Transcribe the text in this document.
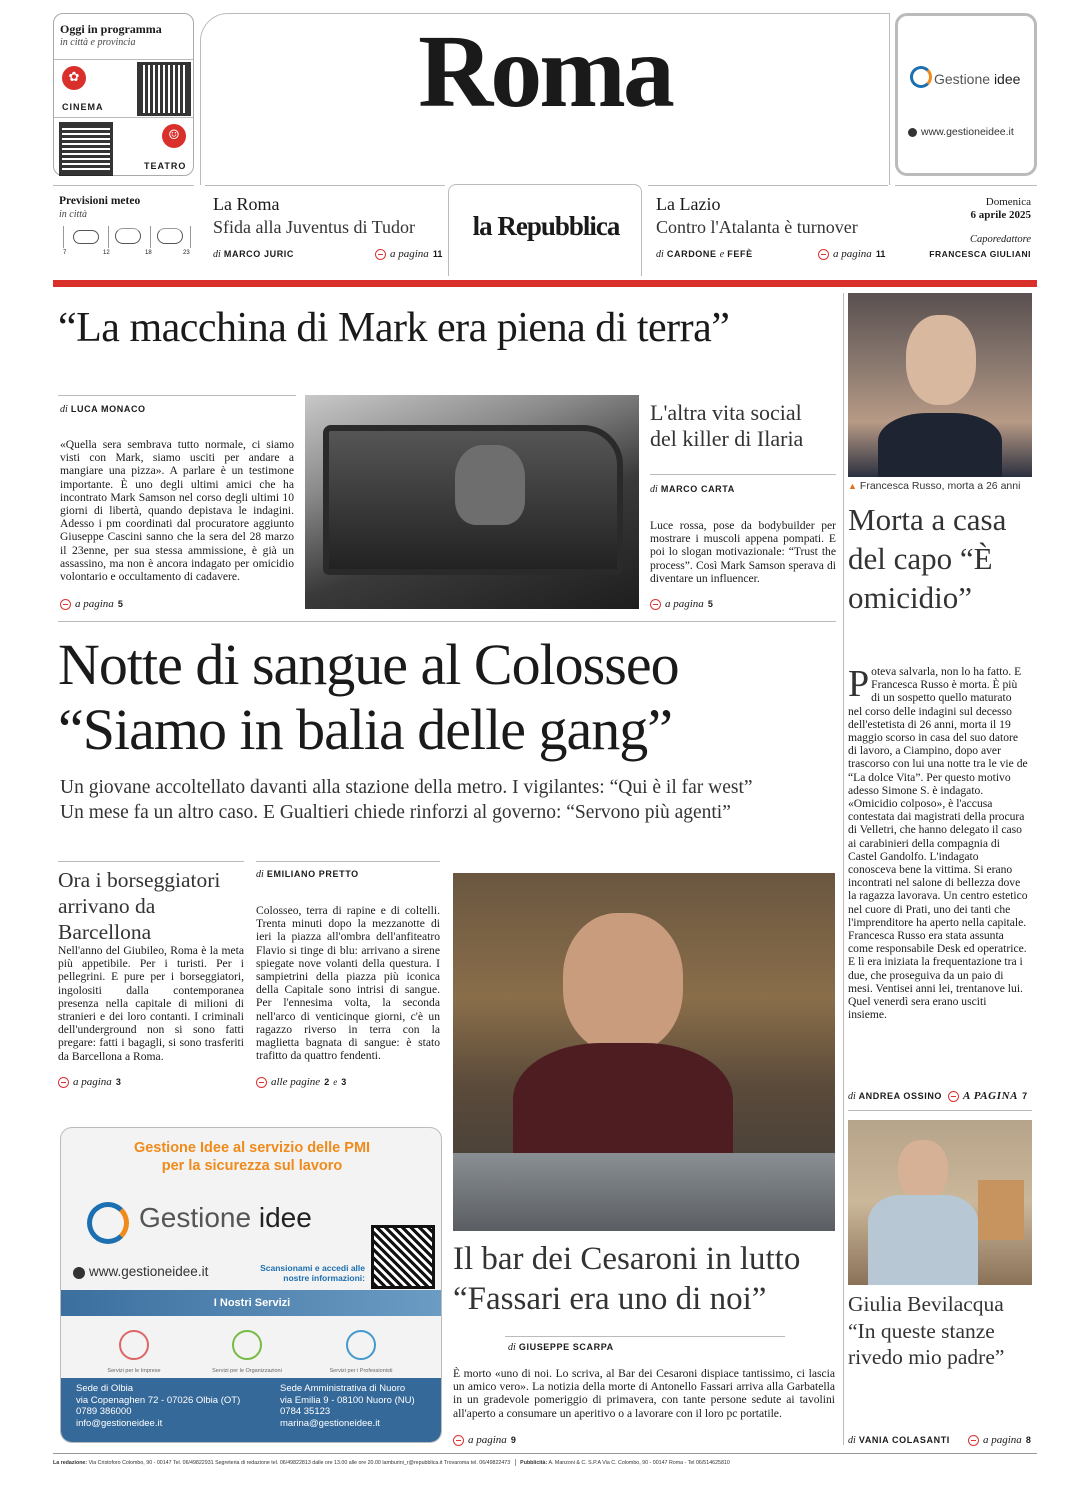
Oggi in programma
in città e provincia
✿
CINEMA
☺
TEATRO
Roma	Gestione idee
www.gestioneidee.it
Previsioni meteo
in città
7	12	18	23
La Roma
Sfida alla Juventus di Tudor
di MARCO JURIC	a pagina 11
la Repubblica
La Lazio
Contro l'Atalanta è turnover
di CARDONE e FEFÈ	a pagina 11
Domenica
6 aprile 2025
Caporedattore
FRANCESCA GIULIANI
“La macchina di Mark era piena di terra”
di LUCA MONACO
«Quella sera sembrava tutto normale, ci siamo visti con Mark, siamo usciti per andare a mangiare una pizza». A parlare è un testimone importante. È uno degli ultimi amici che ha incontrato Mark Samson nel corso degli ultimi 10 giorni di libertà, quando depistava le indagini. Adesso i pm coordinati dal procuratore aggiunto Giuseppe Cascini sanno che la sera del 28 marzo il 23enne, per sua stessa ammissione, è già un assassino, ma non è ancora indagato per omicidio volontario e occultamento di cadavere.
a pagina 5
L'altra vita social del killer di Ilaria
di MARCO CARTA
Luce rossa, pose da bodybuilder per mostrare i muscoli appena pompati. E poi lo slogan motivazionale: “Trust the process”. Così Mark Samson sperava di diventare un influencer.
a pagina 5
▲ Francesca Russo, morta a 26 anni
Morta a casa del capo “È omicidio”
P oteva salvarla, non lo ha fatto. E Francesca Russo è morta. È più di un sospetto quello maturato nel corso delle indagini sul decesso dell'estetista di 26 anni, morta il 19 maggio scorso in casa del suo datore di lavoro, a Ciampino, dopo aver trascorso con lui una notte tra le vie de “La dolce Vita”. Per questo motivo adesso Simone S. è indagato. «Omicidio colposo», è l'accusa contestata dai magistrati della procura di Velletri, che hanno delegato il caso ai carabinieri della compagnia di Castel Gandolfo. L'indagato conosceva bene la vittima. Si erano incontrati nel salone di bellezza dove la ragazza lavorava. Un centro estetico nel cuore di Prati, uno dei tanti che l'imprenditore ha aperto nella capitale. Francesca Russo era stata assunta come responsabile Desk ed operatrice. E lì era iniziata la frequentazione tra i due, che proseguiva da un paio di mesi. Ventisei anni lei, trentanove lui. Quel venerdì sera erano usciti insieme.
di ANDREA OSSINO A PAGINA 7
Notte di sangue al Colosseo
“Siamo in balia delle gang”
Un giovane accoltellato davanti alla stazione della metro. I vigilantes: “Qui è il far west”
Un mese fa un altro caso. E Gualtieri chiede rinforzi al governo: “Servono più agenti”
Ora i borseggiatori arrivano da Barcellona
Nell'anno del Giubileo, Roma è la meta più appetibile. Per i turisti. Per i pellegrini. E pure per i borseggiatori, ingolositi dalla contemporanea presenza nella capitale di milioni di stranieri e dei loro contanti. I criminali dell'underground non si sono fatti pregare: fatti i bagagli, si sono trasferiti da Barcellona a Roma.
a pagina 3
di EMILIANO PRETTO
Colosseo, terra di rapine e di coltelli. Trenta minuti dopo la mezzanotte di ieri la piazza all'ombra dell'anfiteatro Flavio si tinge di blu: arrivano a sirene spiegate nove volanti della questura. I sampietrini della piazza più iconica della Capitale sono intrisi di sangue. Per l'ennesima volta, la seconda nell'arco di venticinque giorni, c'è un ragazzo riverso in terra con la maglietta bagnata di sangue: è stato trafitto da quattro fendenti.
alle pagine 2 e 3
Il bar dei Cesaroni in lutto
“Fassari era uno di noi”
di GIUSEPPE SCARPA
È morto «uno di noi. Lo scriva, al Bar dei Cesaroni dispiace tantissimo, ci lascia un amico vero». La notizia della morte di Antonello Fassari arriva alla Garbatella in un gradevole pomeriggio di primavera, con tante persone sedute ai tavolini all'aperto a consumare un aperitivo o a lavorare con il loro pc portatile.
a pagina 9
Giulia Bevilacqua “In queste stanze rivedo mio padre”
di VANIA COLASANTI	a pagina 8
Gestione Idee al servizio delle PMI
per la sicurezza sul lavoro
Gestione idee
www.gestioneidee.it	Scansionami e accedi alle nostre informazioni:
I Nostri Servizi
Servizi per le Imprese	Servizi per le Organizzazioni	Servizi per i Professionisti
Sede di Olbia
via Copenaghen 72 - 07026 Olbia (OT)
0789 386000
info@gestioneidee.it
Sede Amministrativa di Nuoro
via Emilia 9 - 08100 Nuoro (NU)
0784 35123
marina@gestioneidee.it
La redazione: Via Cristoforo Colombo, 90 - 00147 Tel. 06/49822931 Segreteria di redazione tel. 06/49822813 dalle ore 13.00 alle ore 20.00 lamburini_r@repubblica.it Trovaroma tel. 06/49822473 Pubblicità: A. Manzoni & C. S.P.A Via C. Colombo, 90 - 00147 Roma - Tel 06/514625810
